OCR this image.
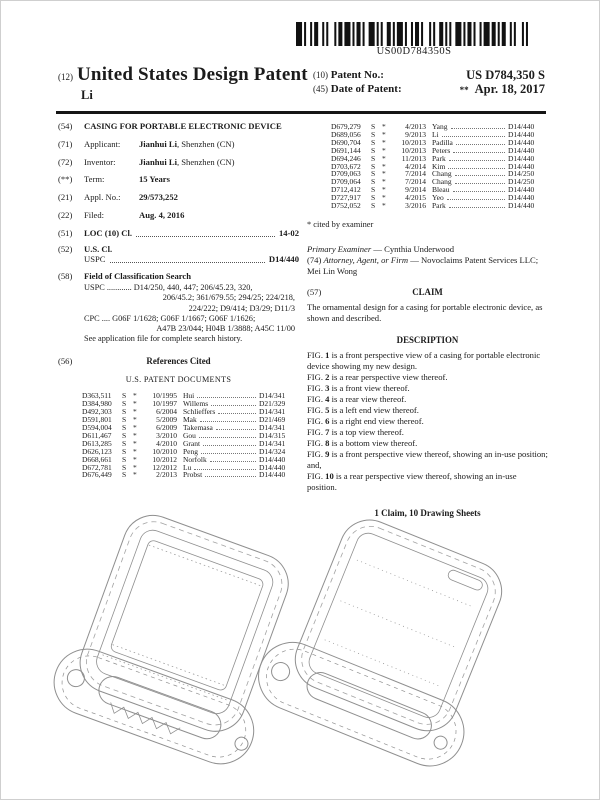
US00D784350S
(12) United States Design Patent
Li
(10) Patent No.:	US D784,350 S
(45) Date of Patent:	** Apr. 18, 2017
(54)	CASING FOR PORTABLE ELECTRONIC DEVICE
(71)	Applicant:	Jianhui Li, Shenzhen (CN)
(72)	Inventor:	Jianhui Li, Shenzhen (CN)
(**)	Term:	15 Years
(21)	Appl. No.:	29/573,252
(22)	Filed:	Aug. 4, 2016
(51)	LOC (10) Cl.	14-02
(52)	U.S. Cl.
USPC	D14/440
(58)	Field of Classification Search
USPC ............ D14/250, 440, 447; 206/45.23, 320,
206/45.2; 361/679.55; 294/25; 224/218,
224/222; D9/414; D3/29; D11/3
CPC .... G06F 1/1628; G06F 1/1667; G06F 1/1626;
A47B 23/044; H04B 1/3888; A45C 11/00
See application file for complete search history.
(56)	References Cited
U.S. PATENT DOCUMENTS
D363,511	S *	10/1995 Hui	D14/341
D384,980	S *	10/1997 Willems	D21/329
D492,303	S *	6/2004 Schlieffers	D14/341
D591,801	S *	5/2009 Mak	D21/469
D594,004	S *	6/2009 Takemasa	D14/341
D611,467	S *	3/2010 Gou	D14/315
D613,285	S *	4/2010 Grant	D14/341
D626,123	S *	10/2010 Peng	D14/324
D668,661	S *	10/2012 Norfolk	D14/440
D672,781	S *	12/2012 Lu	D14/440
D676,449	S *	2/2013 Probst	D14/440
D679,279	S *	4/2013 Yang	D14/440
D689,056	S *	9/2013 Li	D14/440
D690,704	S *	10/2013 Padilla	D14/440
D691,144	S *	10/2013 Peters	D14/440
D694,246	S *	11/2013 Park	D14/440
D703,672	S *	4/2014 Kim	D14/440
D709,063	S *	7/2014 Chang	D14/250
D709,064	S *	7/2014 Chang	D14/250
D712,412	S *	9/2014 Bleau	D14/440
D727,917	S *	4/2015 Yeo	D14/440
D752,052	S *	3/2016 Park	D14/440
* cited by examiner
Primary Examiner — Cynthia Underwood
(74) Attorney, Agent, or Firm — Novoclaims Patent Services LLC; Mei Lin Wong
(57)	CLAIM
The ornamental design for a casing for portable electronic device, as shown and described.
DESCRIPTION
FIG. 1 is a front perspective view of a casing for portable electronic device showing my new design.
FIG. 2 is a rear perspective view thereof.
FIG. 3 is a front view thereof.
FIG. 4 is a rear view thereof.
FIG. 5 is a left end view thereof.
FIG. 6 is a right end view thereof.
FIG. 7 is a top view thereof.
FIG. 8 is a bottom view thereof.
FIG. 9 is a front perspective view thereof, showing an in-use position; and,
FIG. 10 is a rear perspective view thereof, showing an in-use position.
1 Claim, 10 Drawing Sheets
